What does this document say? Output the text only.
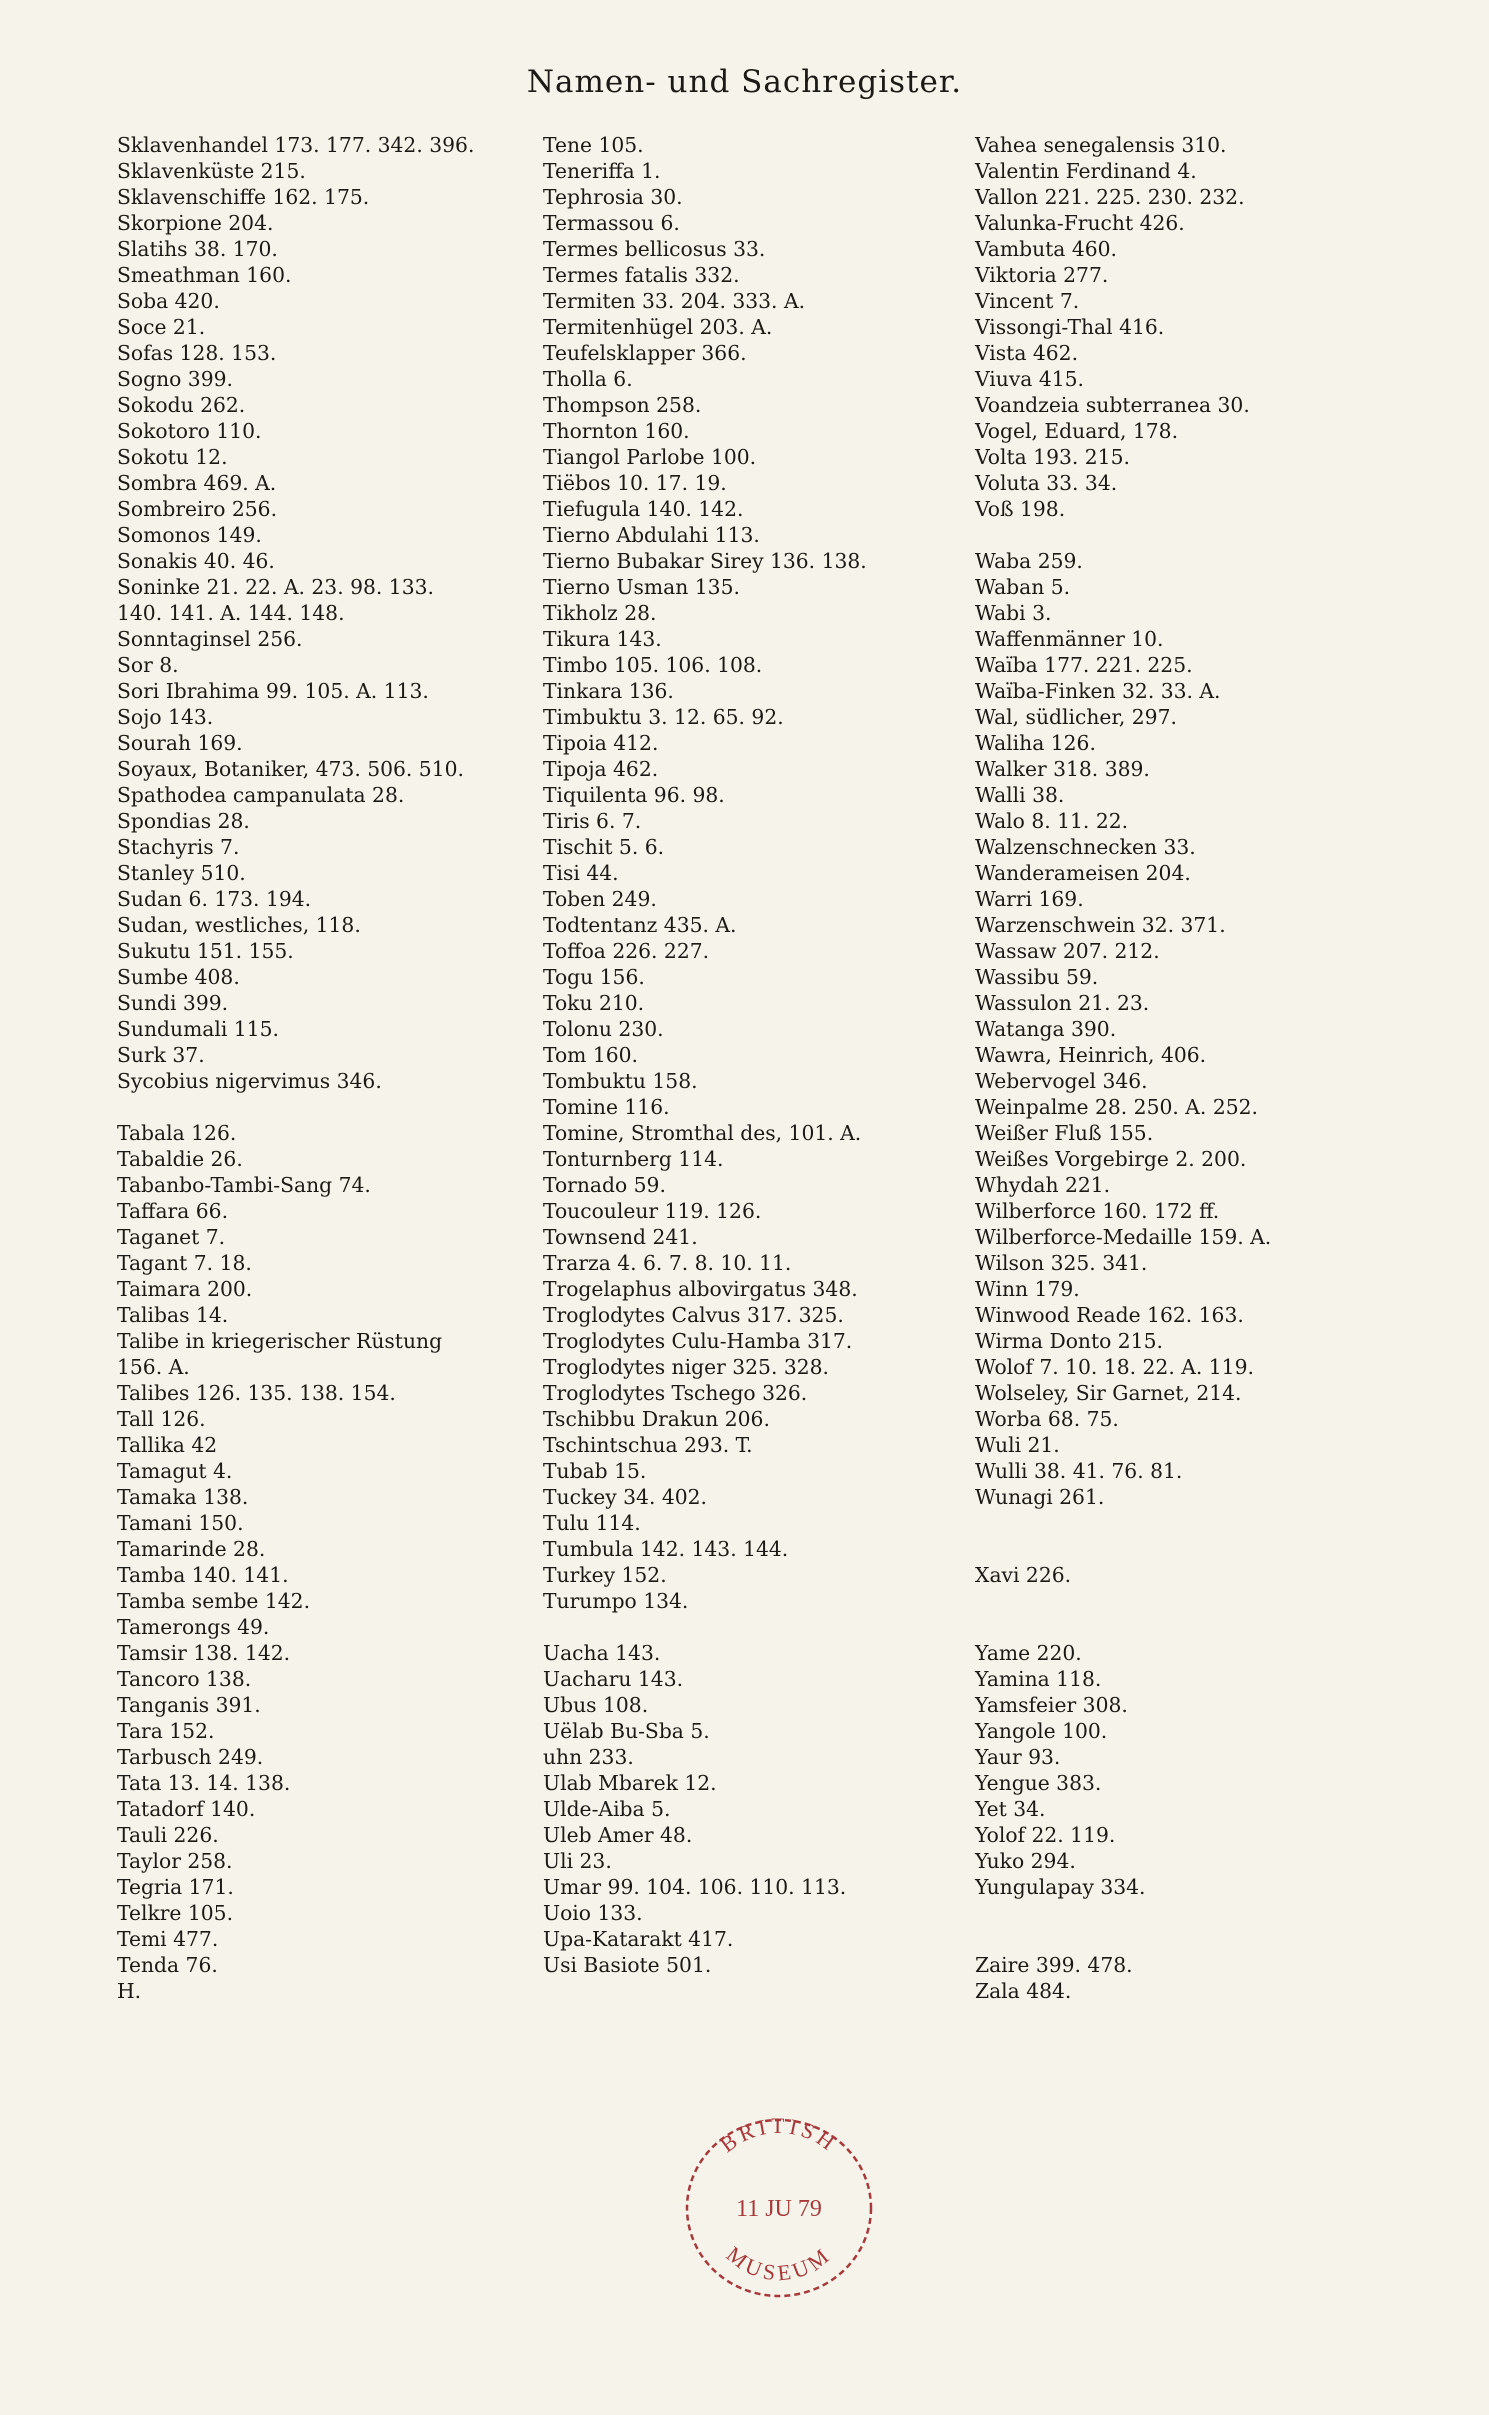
Namen- und Sachregister.
Sklavenhandel 173. 177. 342. 396.
Sklavenküste 215.
Sklavenschiffe 162. 175.
Skorpione 204.
Slatihs 38. 170.
Smeathman 160.
Soba 420.
Soce 21.
Sofas 128. 153.
Sogno 399.
Sokodu 262.
Sokotoro 110.
Sokotu 12.
Sombra 469. A.
Sombreiro 256.
Somonos 149.
Sonakis 40. 46.
Soninke 21. 22. A. 23. 98. 133.
140. 141. A. 144. 148.
Sonntaginsel 256.
Sor 8.
Sori Ibrahima 99. 105. A. 113.
Sojo 143.
Sourah 169.
Soyaux, Botaniker, 473. 506. 510.
Spathodea campanulata 28.
Spondias 28.
Stachyris 7.
Stanley 510.
Sudan 6. 173. 194.
Sudan, westliches, 118.
Sukutu 151. 155.
Sumbe 408.
Sundi 399.
Sundumali 115.
Surk 37.
Sycobius nigervimus 346.
Tabala 126.
Tabaldie 26.
Tabanbo-Tambi-Sang 74.
Taffara 66.
Taganet 7.
Tagant 7. 18.
Taimara 200.
Talibas 14.
Talibe in kriegerischer Rüstung
156. A.
Talibes 126. 135. 138. 154.
Tall 126.
Tallika 42
Tamagut 4.
Tamaka 138.
Tamani 150.
Tamarinde 28.
Tamba 140. 141.
Tamba sembe 142.
Tamerongs 49.
Tamsir 138. 142.
Tancoro 138.
Tanganis 391.
Tara 152.
Tarbusch 249.
Tata 13. 14. 138.
Tatadorf 140.
Tauli 226.
Taylor 258.
Tegria 171.
Telkre 105.
Temi 477.
Tenda 76.
H.
Tene 105.
Teneriffa 1.
Tephrosia 30.
Termassou 6.
Termes bellicosus 33.
Termes fatalis 332.
Termiten 33. 204. 333. A.
Termitenhügel 203. A.
Teufelsklapper 366.
Tholla 6.
Thompson 258.
Thornton 160.
Tiangol Parlobe 100.
Tiëbos 10. 17. 19.
Tiefugula 140. 142.
Tierno Abdulahi 113.
Tierno Bubakar Sirey 136. 138.
Tierno Usman 135.
Tikholz 28.
Tikura 143.
Timbo 105. 106. 108.
Tinkara 136.
Timbuktu 3. 12. 65. 92.
Tipoia 412.
Tipoja 462.
Tiquilenta 96. 98.
Tiris 6. 7.
Tischit 5. 6.
Tisi 44.
Toben 249.
Todtentanz 435. A.
Toffoa 226. 227.
Togu 156.
Toku 210.
Tolonu 230.
Tom 160.
Tombuktu 158.
Tomine 116.
Tomine, Stromthal des, 101. A.
Tonturnberg 114.
Tornado 59.
Toucouleur 119. 126.
Townsend 241.
Trarza 4. 6. 7. 8. 10. 11.
Trogelaphus albovirgatus 348.
Troglodytes Calvus 317. 325.
Troglodytes Culu-Hamba 317.
Troglodytes niger 325. 328.
Troglodytes Tschego 326.
Tschibbu Drakun 206.
Tschintschua 293. T.
Tubab 15.
Tuckey 34. 402.
Tulu 114.
Tumbula 142. 143. 144.
Turkey 152.
Turumpo 134.
Uacha 143.
Uacharu 143.
Ubus 108.
Uëlab Bu-Sba 5.
uhn 233.
Ulab Mbarek 12.
Ulde-Aiba 5.
Uleb Amer 48.
Uli 23.
Umar 99. 104. 106. 110. 113.
Uoio 133.
Upa-Katarakt 417.
Usi Basiote 501.
Vahea senegalensis 310.
Valentin Ferdinand 4.
Vallon 221. 225. 230. 232.
Valunka-Frucht 426.
Vambuta 460.
Viktoria 277.
Vincent 7.
Vissongi-Thal 416.
Vista 462.
Viuva 415.
Voandzeia subterranea 30.
Vogel, Eduard, 178.
Volta 193. 215.
Voluta 33. 34.
Voß 198.
Waba 259.
Waban 5.
Wabi 3.
Waffenmänner 10.
Waïba 177. 221. 225.
Waïba-Finken 32. 33. A.
Wal, südlicher, 297.
Waliha 126.
Walker 318. 389.
Walli 38.
Walo 8. 11. 22.
Walzenschnecken 33.
Wanderameisen 204.
Warri 169.
Warzenschwein 32. 371.
Wassaw 207. 212.
Wassibu 59.
Wassulon 21. 23.
Watanga 390.
Wawra, Heinrich, 406.
Webervogel 346.
Weinpalme 28. 250. A. 252.
Weißer Fluß 155.
Weißes Vorgebirge 2. 200.
Whydah 221.
Wilberforce 160. 172 ff.
Wilberforce-Medaille 159. A.
Wilson 325. 341.
Winn 179.
Winwood Reade 162. 163.
Wirma Donto 215.
Wolof 7. 10. 18. 22. A. 119.
Wolseley, Sir Garnet, 214.
Worba 68. 75.
Wuli 21.
Wulli 38. 41. 76. 81.
Wunagi 261.
Xavi 226.
Yame 220.
Yamina 118.
Yamsfeier 308.
Yangole 100.
Yaur 93.
Yengue 383.
Yet 34.
Yolof 22. 119.
Yuko 294.
Yungulapay 334.
Zaire 399. 478.
Zala 484.
BRITISH
11 JU 79
MUSEUM
